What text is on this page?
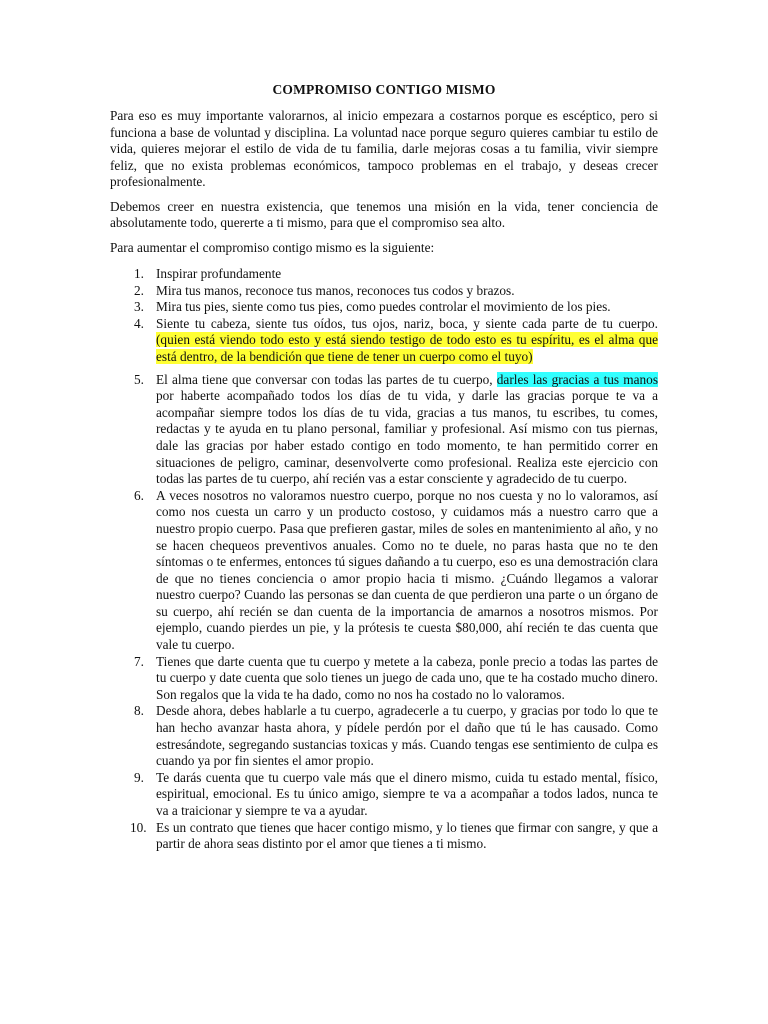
COMPROMISO CONTIGO MISMO

Para eso es muy importante valorarnos, al inicio empezara a costarnos porque es escéptico, pero si funciona a base de voluntad y disciplina. La voluntad nace porque seguro quieres cambiar tu estilo de vida, quieres mejorar el estilo de vida de tu familia, darle mejoras cosas a tu familia, vivir siempre feliz, que no exista problemas económicos, tampoco problemas en el trabajo, y deseas crecer profesionalmente.

Debemos creer en nuestra existencia, que tenemos una misión en la vida, tener conciencia de absolutamente todo, quererte a ti mismo, para que el compromiso sea alto.

Para aumentar el compromiso contigo mismo es la siguiente:

1. Inspirar profundamente
2. Mira tus manos, reconoce tus manos, reconoces tus codos y brazos.
3. Mira tus pies, siente como tus pies, como puedes controlar el movimiento de los pies.
4. Siente tu cabeza, siente tus oídos, tus ojos, nariz, boca, y siente cada parte de tu cuerpo. (quien está viendo todo esto y está siendo testigo de todo esto es tu espíritu, es el alma que está dentro, de la bendición que tiene de tener un cuerpo como el tuyo)
5. El alma tiene que conversar con todas las partes de tu cuerpo, darles las gracias a tus manos por haberte acompañado todos los días de tu vida, y darle las gracias porque te va a acompañar siempre todos los días de tu vida, gracias a tus manos, tu escribes, tu comes, redactas y te ayuda en tu plano personal, familiar y profesional. Así mismo con tus piernas, dale las gracias por haber estado contigo en todo momento, te han permitido correr en situaciones de peligro, caminar, desenvolverte como profesional. Realiza este ejercicio con todas las partes de tu cuerpo, ahí recién vas a estar consciente y agradecido de tu cuerpo.
6. A veces nosotros no valoramos nuestro cuerpo, porque no nos cuesta y no lo valoramos, así como nos cuesta un carro y un producto costoso, y cuidamos más a nuestro carro que a nuestro propio cuerpo. Pasa que prefieren gastar, miles de soles en mantenimiento al año, y no se hacen chequeos preventivos anuales. Como no te duele, no paras hasta que no te den síntomas o te enfermes, entonces tú sigues dañando a tu cuerpo, eso es una demostración clara de que no tienes conciencia o amor propio hacia ti mismo. ¿Cuándo llegamos a valorar nuestro cuerpo? Cuando las personas se dan cuenta de que perdieron una parte o un órgano de su cuerpo, ahí recién se dan cuenta de la importancia de amarnos a nosotros mismos. Por ejemplo, cuando pierdes un pie, y la prótesis te cuesta $80,000, ahí recién te das cuenta que vale tu cuerpo.
7. Tienes que darte cuenta que tu cuerpo y metete a la cabeza, ponle precio a todas las partes de tu cuerpo y date cuenta que solo tienes un juego de cada uno, que te ha costado mucho dinero. Son regalos que la vida te ha dado, como no nos ha costado no lo valoramos.
8. Desde ahora, debes hablarle a tu cuerpo, agradecerle a tu cuerpo, y gracias por todo lo que te han hecho avanzar hasta ahora, y pídele perdón por el daño que tú le has causado. Como estresándote, segregando sustancias toxicas y más. Cuando tengas ese sentimiento de culpa es cuando ya por fin sientes el amor propio.
9. Te darás cuenta que tu cuerpo vale más que el dinero mismo, cuida tu estado mental, físico, espiritual, emocional. Es tu único amigo, siempre te va a acompañar a todos lados, nunca te va a traicionar y siempre te va a ayudar.
10. Es un contrato que tienes que hacer contigo mismo, y lo tienes que firmar con sangre, y que a partir de ahora seas distinto por el amor que tienes a ti mismo.
